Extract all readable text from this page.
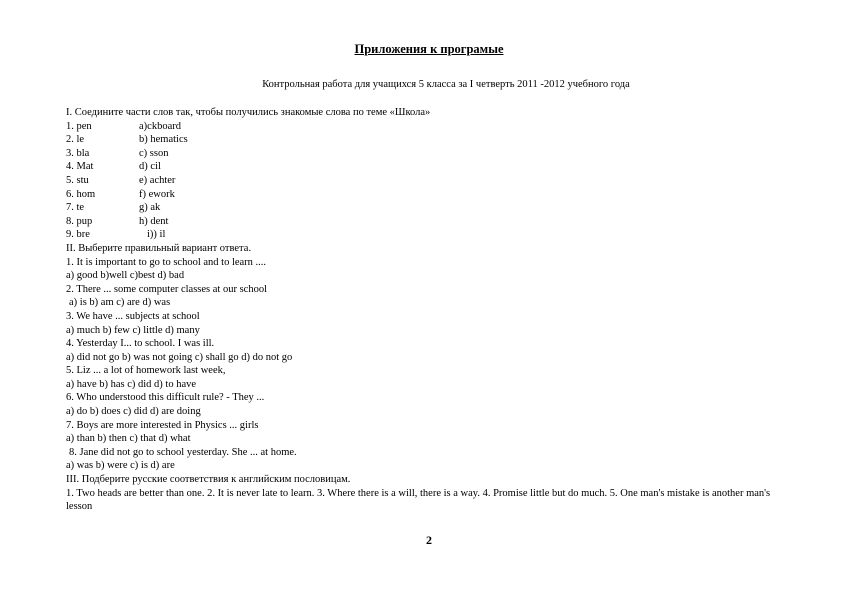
Приложения к програмые
Контрольная работа для учащихся 5 класса за I четверть 2011 -2012 учебного года
I. Соедините части слов так, чтобы получились знакомые слова по теме «Школа»
1. pen	a)ckboard
2. le	b) hematics
3. bla	c) sson
4. Mat	d) cil
5. stu	e) achter
6. hom	f) ework
7. te	g) ak
8. pup	h) dent
9. bre	i)) il
II. Выберите правильный вариант ответа.
1. It is important to go to school and to learn ....
a) good b)well c)best d) bad
2. There ... some computer classes at our school
a) is b) am c) are d) was
3. We have ... subjects at school
a) much b) few c) little d) many
4. Yesterday I... to school. I was ill.
a) did not go b) was not going c) shall go d) do not go
5. Liz ... a lot of homework last week,
a) have b) has c) did d) to have
6. Who understood this difficult rule? - They ...
a) do b) does c) did d) are doing
7. Boys are more interested in Physics ... girls
a) than b) then c) that d) what
8. Jane did not go to school yesterday. She ... at home.
a) was b) were c) is d) are
III. Подберите русские соответствия к английским пословицам.
1. Two heads are better than one. 2. It is never late to learn. 3. Where there is a will, there is a way. 4. Promise little but do much. 5. One man's mistake is another man's lesson
2
